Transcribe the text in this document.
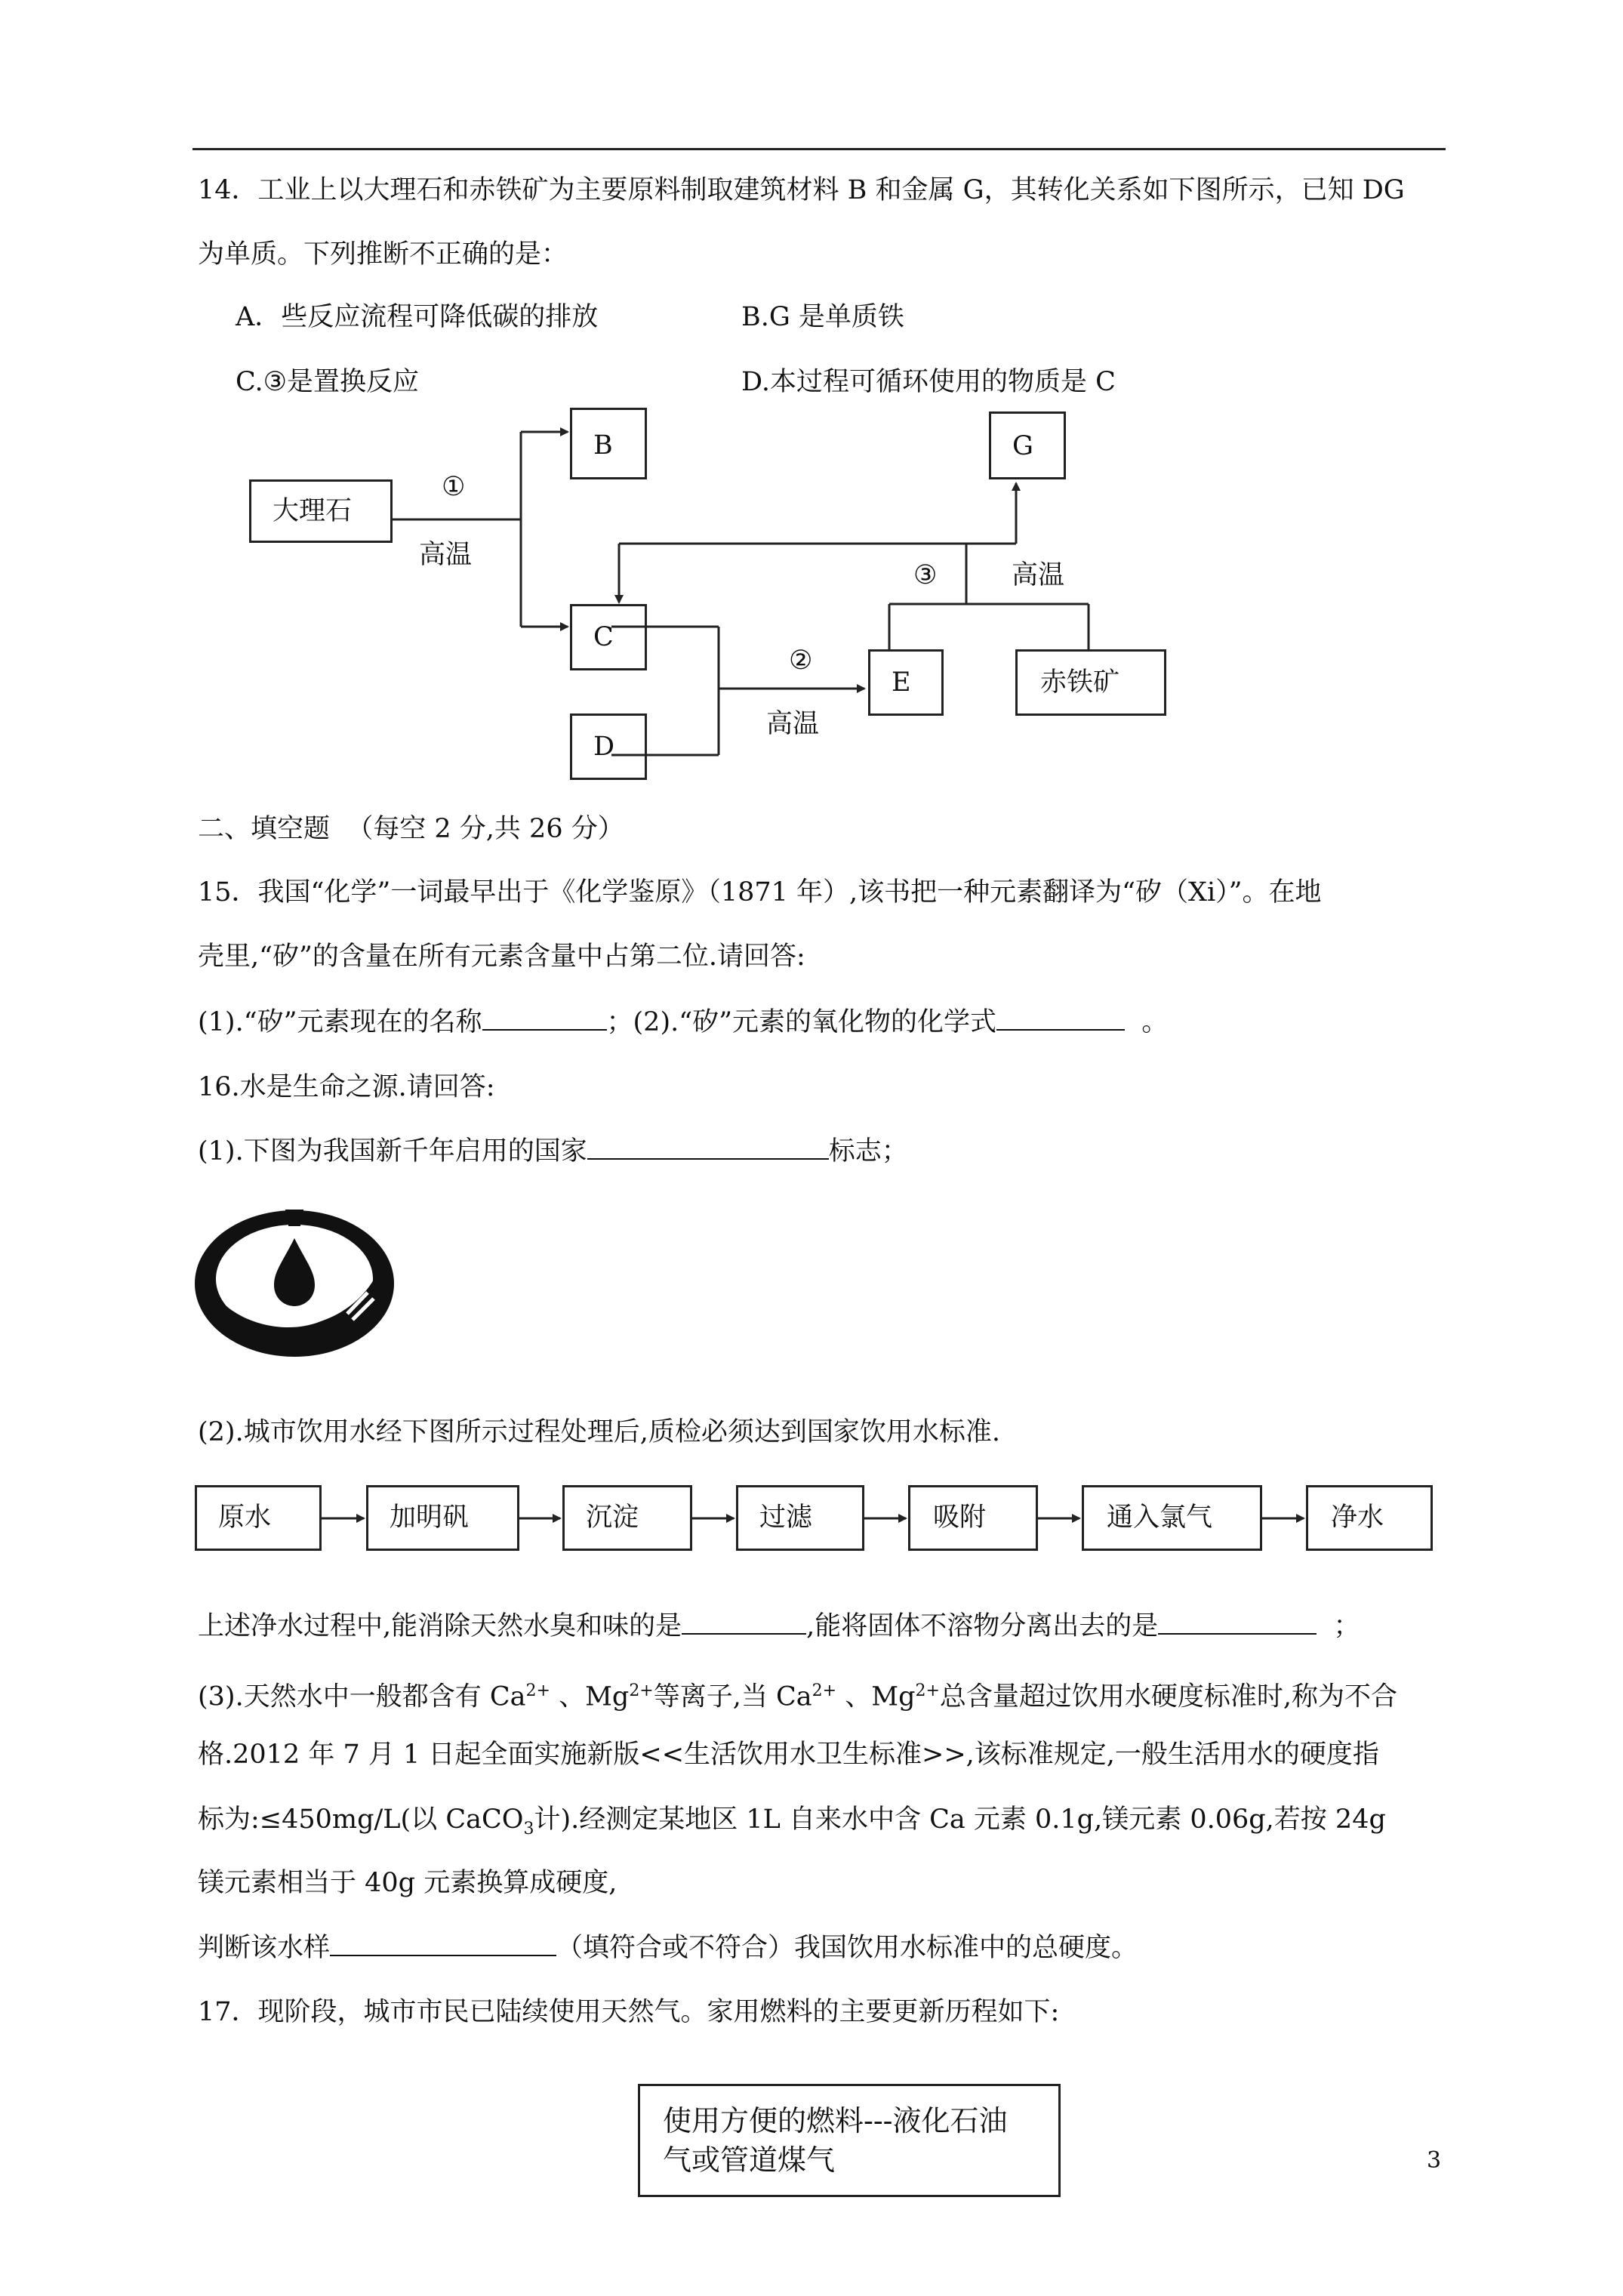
14．工业上以大理石和赤铁矿为主要原料制取建筑材料 B 和金属 G，其转化关系如下图所示，已知 DG
为单质。下列推断不正确的是：
A．些反应流程可降低碳的排放	B.G 是单质铁
C.③是置换反应	D.本过程可循环使用的物质是 C
大理石
B
C
D
E
G
赤铁矿
①
高温
②
高温
③	高温
二、填空题 （每空 2 分,共 26 分）
15．我国“化学”一词最早出于《化学鉴原》（1871 年）,该书把一种元素翻译为“矽（Xi）”。在地
壳里,“矽”的含量在所有元素含量中占第二位.请回答:
(1).“矽”元素现在的名称	；(2).“矽”元素的氧化物的化学式	。
16.水是生命之源.请回答:
(1).下图为我国新千年启用的国家	标志；
(2).城市饮用水经下图所示过程处理后,质检必须达到国家饮用水标准.
原水	加明矾	沉淀	过滤	吸附	通入氯气	净水
上述净水过程中,能消除天然水臭和味的是	,能将固体不溶物分离出去的是	；
(3).天然水中一般都含有 $Ca^{2+}$ 、$Mg^{2+}$等离子,当 $Ca^{2+}$ 、$Mg^{2+}$总含量超过饮用水硬度标准时,称为不合
格.2012 年 7 月 1 日起全面实施新版<<生活饮用水卫生标准>>,该标准规定,一般生活用水的硬度指
标为:≤450mg/L(以 CaCO$_3$计).经测定某地区 1L 自来水中含 Ca 元素 0.1g,镁元素 0.06g,若按 24g
镁元素相当于 40g 元素换算成硬度,
判断该水样	（填符合或不符合）我国饮用水标准中的总硬度。
17．现阶段，城市市民已陆续使用天然气。家用燃料的主要更新历程如下:
使用方便的燃料---液化石油
气或管道煤气	3
